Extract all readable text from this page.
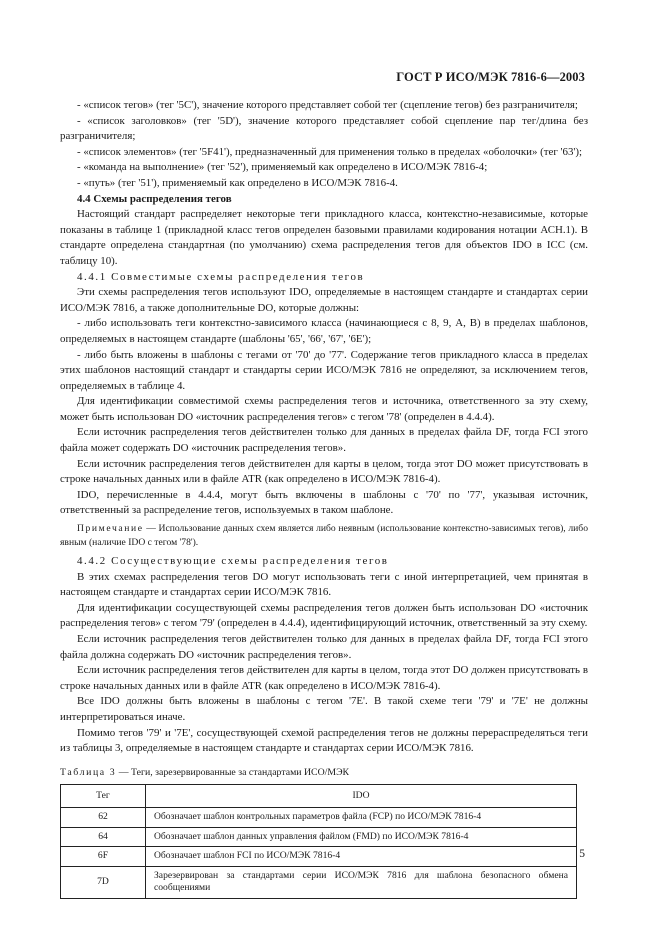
ГОСТ Р ИСО/МЭК 7816-6—2003

- «список тегов» (тег '5C'), значение которого представляет собой тег (сцепление тегов) без разграничителя;

- «список заголовков» (тег '5D'), значение которого представляет собой сцепление пар тег/длина без разграничителя;

- «список элементов» (тег '5F41'), предназначенный для применения только в пределах «оболочки» (тег '63');

- «команда на выполнение» (тег '52'), применяемый как определено в ИСО/МЭК 7816-4;

- «путь» (тег '51'), применяемый как определено в ИСО/МЭК 7816-4.

4.4 Схемы распределения тегов

Настоящий стандарт распределяет некоторые теги прикладного класса, контекстно-независимые, которые показаны в таблице 1 (прикладной класс тегов определен базовыми правилами кодирования нотации АСН.1). В стандарте определена стандартная (по умолчанию) схема распределения тегов для объектов IDO в ICC (см. таблицу 10).

4.4.1 Совместимые схемы распределения тегов

Эти схемы распределения тегов используют IDO, определяемые в настоящем стандарте и стандартах серии ИСО/МЭК 7816, а также дополнительные DO, которые должны:

- либо использовать теги контекстно-зависимого класса (начинающиеся с 8, 9, A, B) в пределах шаблонов, определяемых в настоящем стандарте (шаблоны '65', '66', '67', '6E');

- либо быть вложены в шаблоны с тегами от '70' до '77'. Содержание тегов прикладного класса в пределах этих шаблонов настоящий стандарт и стандарты серии ИСО/МЭК 7816 не определяют, за исключением тегов, определяемых в таблице 4.

Для идентификации совместимой схемы распределения тегов и источника, ответственного за эту схему, может быть использован DO «источник распределения тегов» с тегом '78' (определен в 4.4.4).

Если источник распределения тегов действителен только для данных в пределах файла DF, тогда FCI этого файла может содержать DO «источник распределения тегов».

Если источник распределения тегов действителен для карты в целом, тогда этот DO может присутствовать в строке начальных данных или в файле ATR (как определено в ИСО/МЭК 7816-4).

IDO, перечисленные в 4.4.4, могут быть включены в шаблоны с '70' по '77', указывая источник, ответственный за распределение тегов, используемых в таком шаблоне.

Примечание — Использование данных схем является либо неявным (использование контекстно-зависимых тегов), либо явным (наличие IDO с тегом '78').

4.4.2 Сосуществующие схемы распределения тегов

В этих схемах распределения тегов DO могут использовать теги с иной интерпретацией, чем принятая в настоящем стандарте и стандартах серии ИСО/МЭК 7816.

Для идентификации сосуществующей схемы распределения тегов должен быть использован DO «источник распределения тегов» с тегом '79' (определен в 4.4.4), идентифицирующий источник, ответственный за эту схему.

Если источник распределения тегов действителен только для данных в пределах файла DF, тогда FCI этого файла должна содержать DO «источник распределения тегов».

Если источник распределения тегов действителен для карты в целом, тогда этот DO должен присутствовать в строке начальных данных или в файле ATR (как определено в ИСО/МЭК 7816-4).

Все IDO должны быть вложены в шаблоны с тегом '7E'. В такой схеме теги '79' и '7E' не должны интерпретироваться иначе.

Помимо тегов '79' и '7E', сосуществующей схемой распределения тегов не должны перераспределяться теги из таблицы 3, определяемые в настоящем стандарте и стандартах серии ИСО/МЭК 7816.

Таблица 3 — Теги, зарезервированные за стандартами ИСО/МЭК

Тег	IDO
62	Обозначает шаблон контрольных параметров файла (FCP) по ИСО/МЭК 7816-4
64	Обозначает шаблон данных управления файлом (FMD) по ИСО/МЭК 7816-4
6F	Обозначает шаблон FCI по ИСО/МЭК 7816-4
7D	Зарезервирован за стандартами серии ИСО/МЭК 7816 для шаблона безопасного обмена сообщениями
5
